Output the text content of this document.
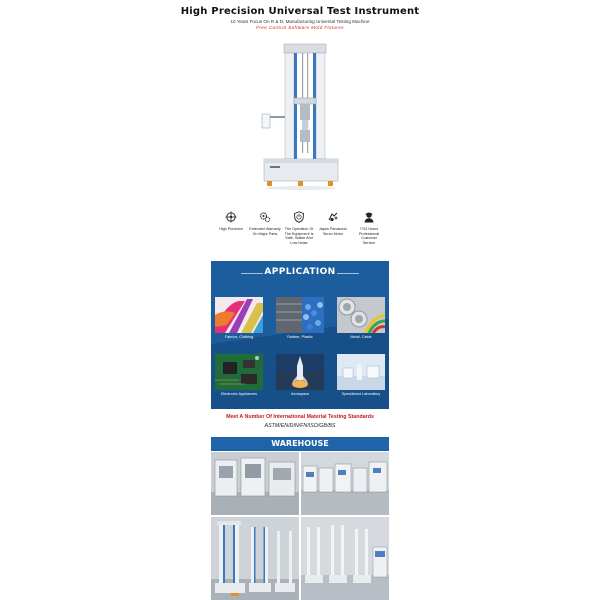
High Precision Universal Test Instrument
10 Years Focus On R & D, Manufacturing Universal Testing Machine
Free Control Software Mold Fixtures
High Precision	Extended Warranty
On Major Parts
The Operation Of
The Equipment Is
Safe, Stable And
Low Noise
Japan Panasonic
Servo Motor
7*24 Hours
Professional Customer
Service
APPLICATION
Fabrics, Clothing	Rubber, Plastic	Metal, Cable
Electronic Appliances	Aerospace	Specialized Laboratory
Meet A Number Of International Material Testing Standards
ASTM/EN/DIN/FN/ISO/GB/BS
WAREHOUSE
